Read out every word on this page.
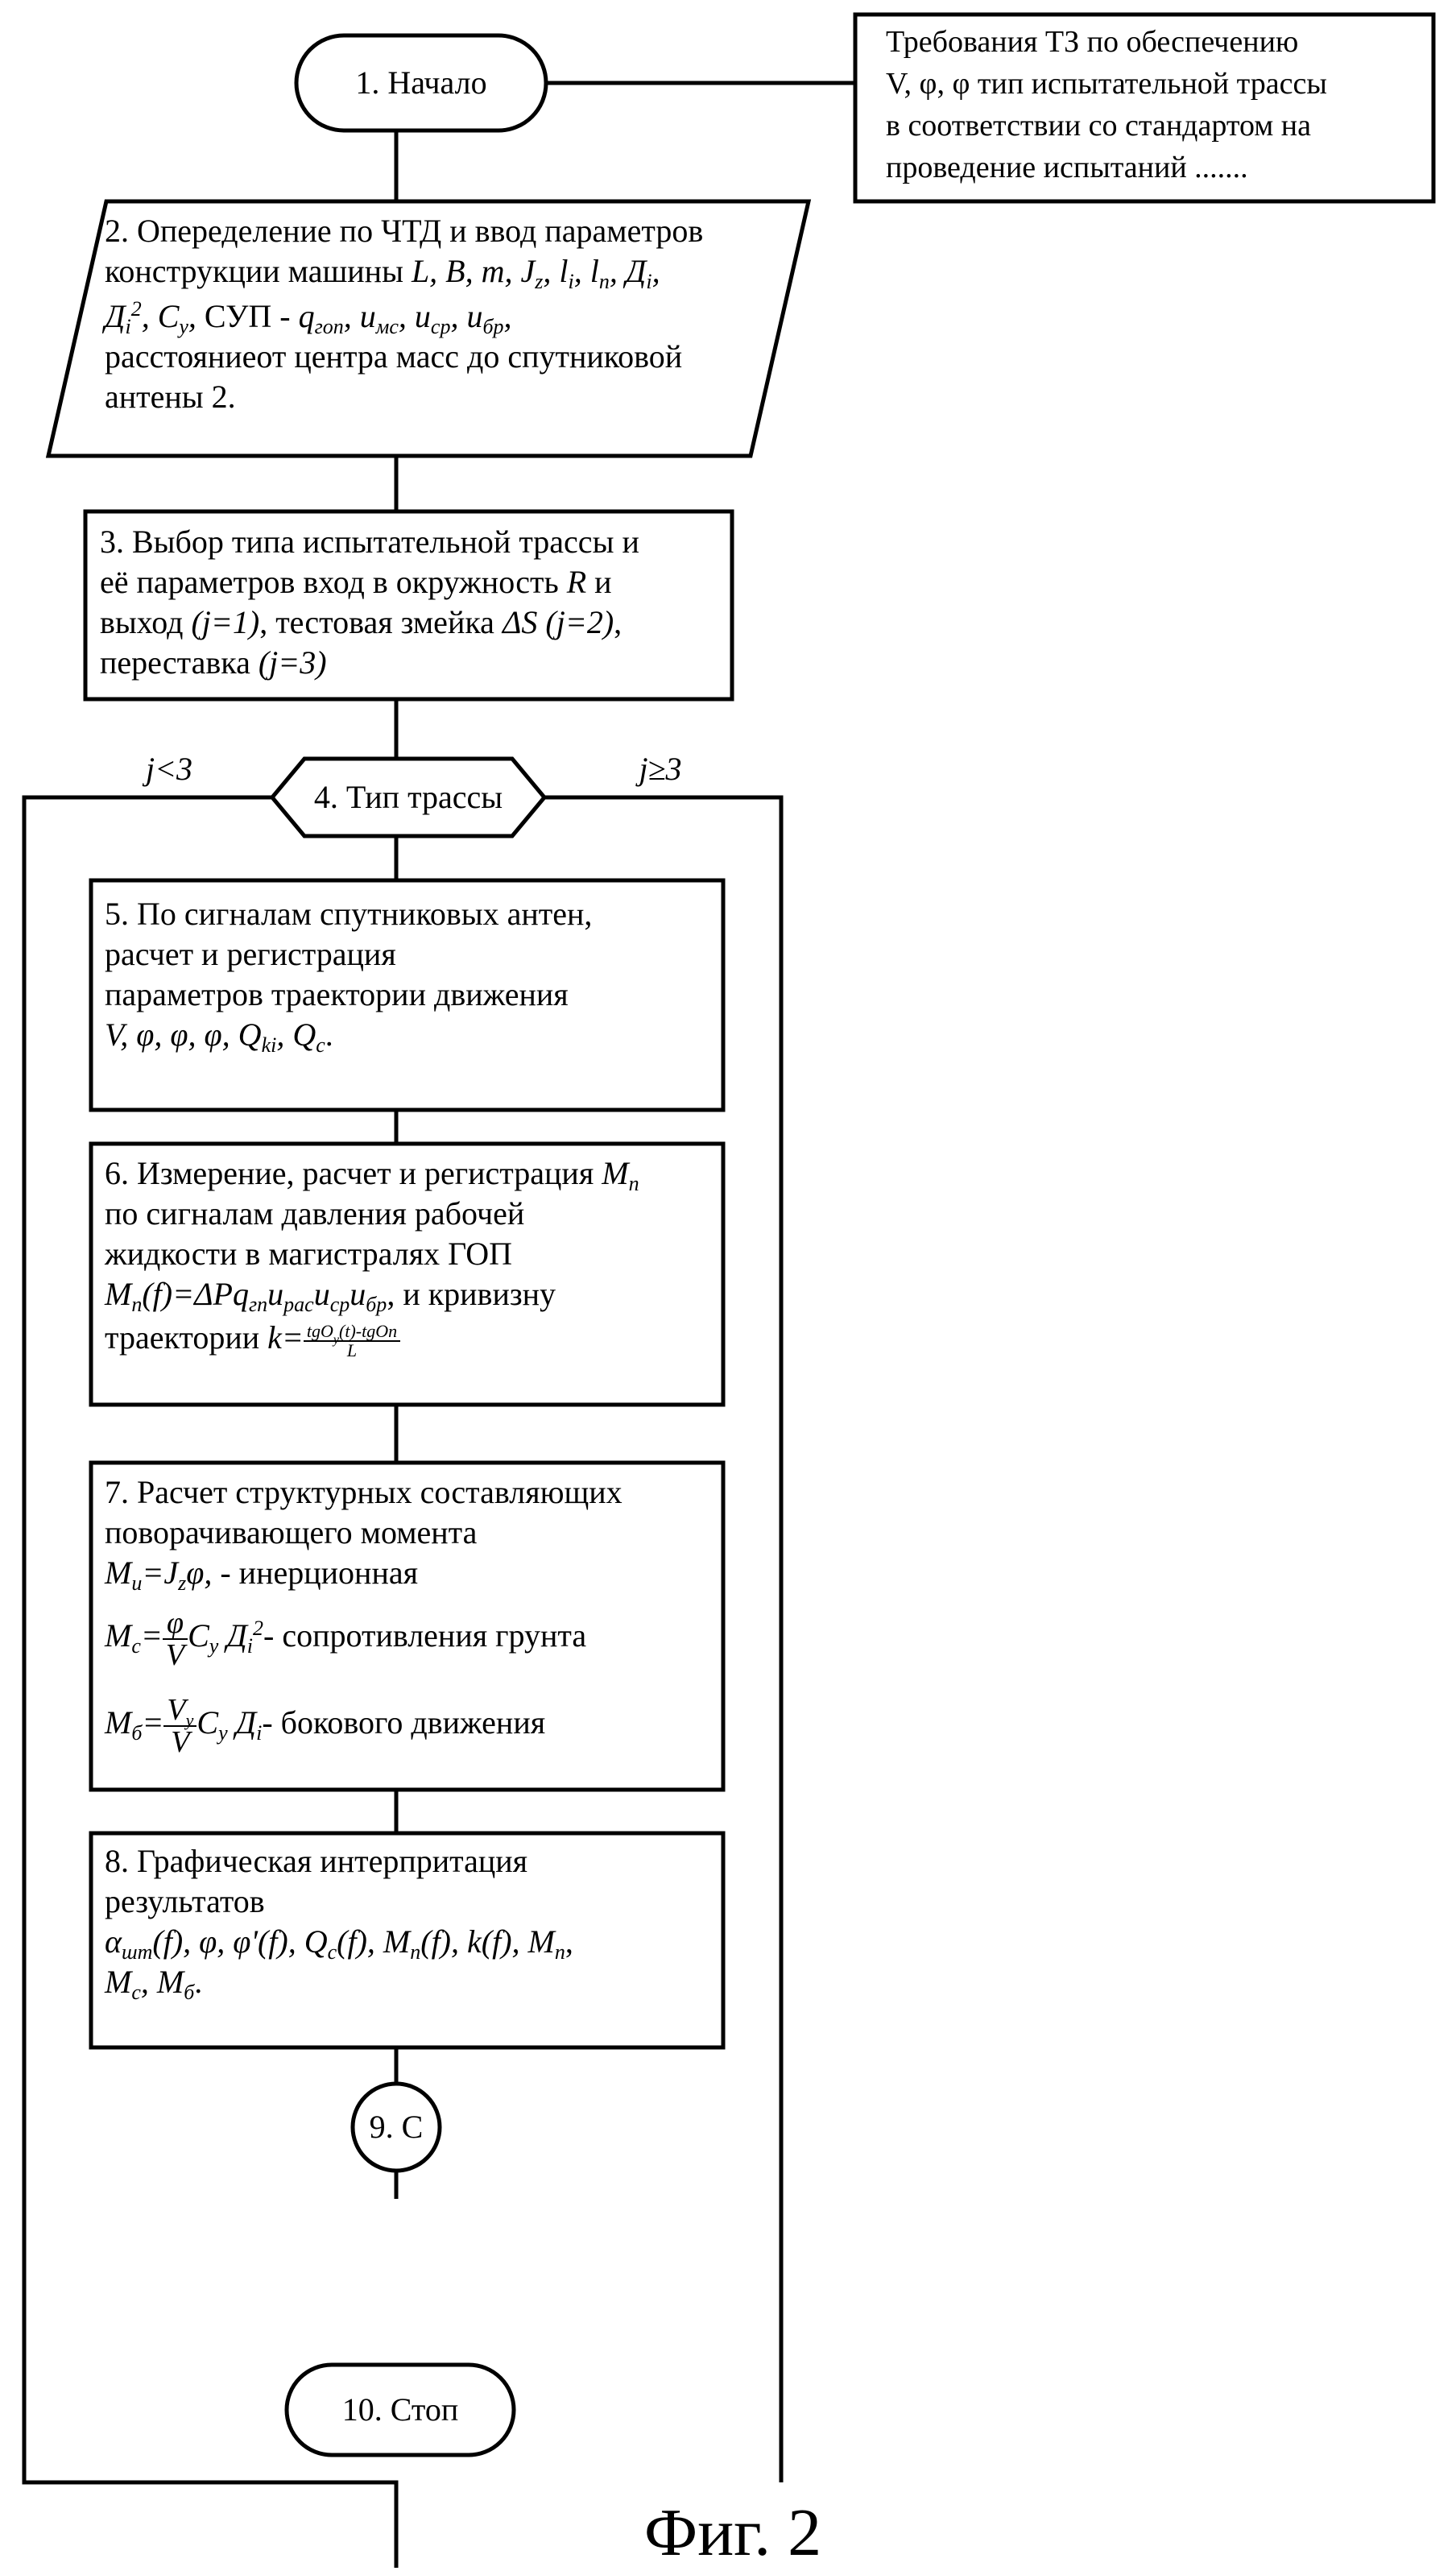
Требования ТЗ по обеспечению
V, φ, φ тип испытательной трассы
в соответствии со стандартом на
проведение испытаний .......
1. Начало
2. Опеределение по ЧТД и ввод параметров
конструкции машины L, B, m, $J_z$, $l_i$, $l_n$, $Д_i$,
$Д_i^2$, $C_y$, СУП - $q_{гоп}$, $u_{мс}$, $u_{ср}$, $u_{бр}$,
расстояниеот центра масс до спутниковой
антены 2.
3. Выбор типа испытательной трассы и
её параметров вход в окружность R и
выход (j=1), тестовая змейка ΔS (j=2),
переставка (j=3)
4. Тип трассы
j<3	j≥3
5. По сигналам спутниковых антен,
расчет и регистрация
параметров траектории движения
V, φ, φ, φ, $Q_{ki}$, $Q_c$.
6. Измерение, расчет и регистрация $M_п$
по сигналам давления рабочей
жидкости в магистралях ГОП
$M_п(f)=\Delta Pq_{гп}u_{рас}u_{ср}u_{бр}$, и кривизну
траектории $k= \frac{tgO_y(t)-tgOn}{L}$
7. Расчет структурных составляющих
поворачивающего момента
$M_и=J_z\varphi$, - инерционная
$M_с= \frac{\varphi}{V} C_y$ $Д_i^2-$ сопротивления грунта
$M_б= \frac{V_y}{V} C_y$ $Д_i-$ бокового движения
8. Графическая интерпритация
результатов
$\alpha_{шт}(f)$, φ, φ'(f), $Q_c(f)$, $M_п(f)$, k(f), $M_п$,
$M_с$, $M_б$.
9. С
10. Стоп
Фиг. 2
